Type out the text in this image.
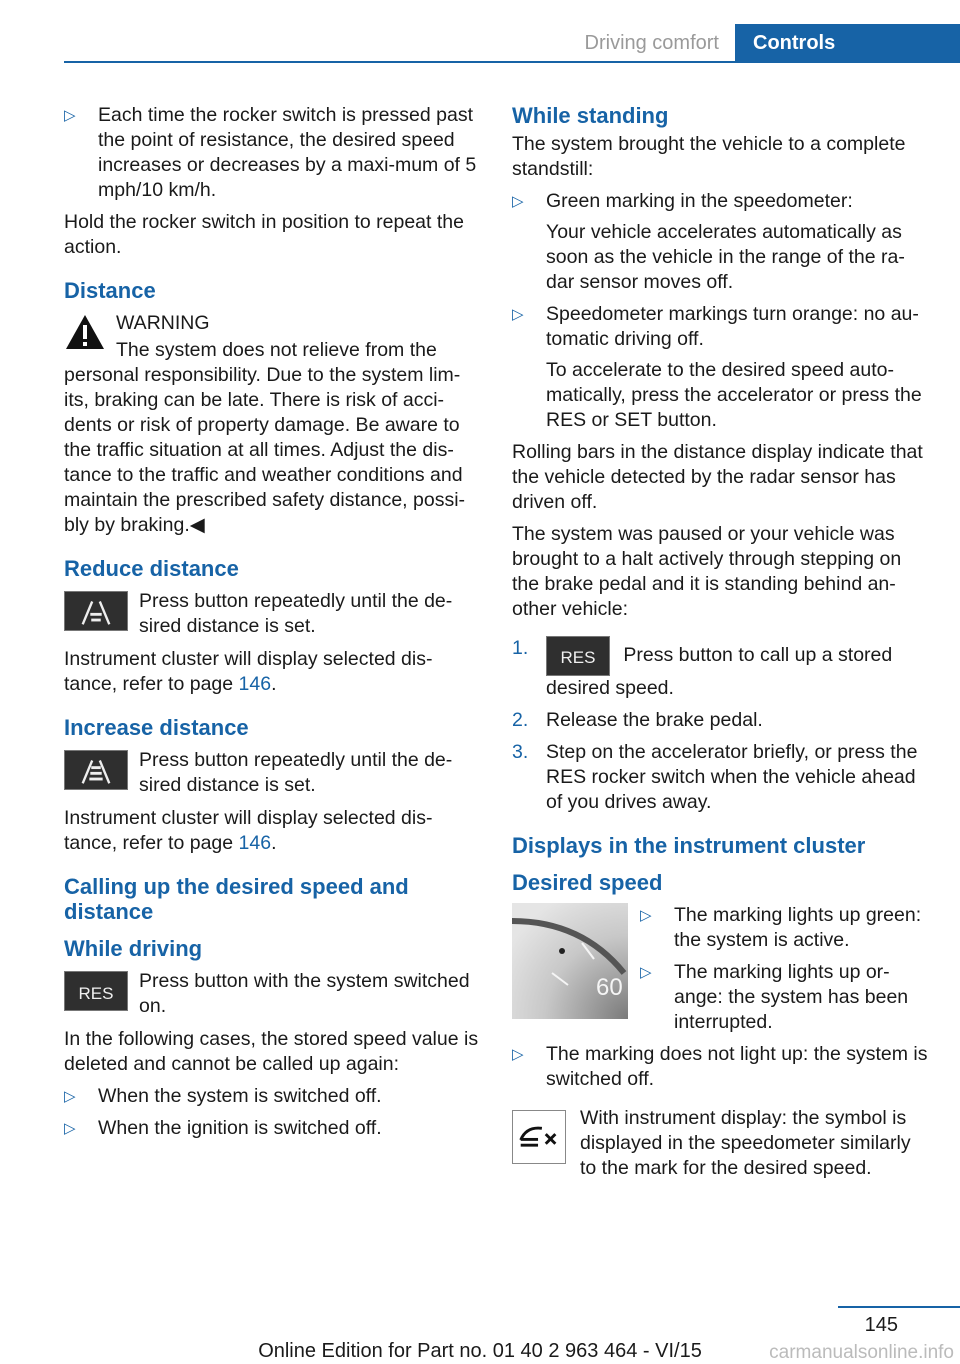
Driving comfort	Controls
▷ Each time the rocker switch is pressed past the point of resistance, the desired speed increases or decreases by a maxi‐mum of 5 mph/10 km/h.

Hold the rocker switch in position to repeat the action.

Distance
WARNING

The system does not relieve from the personal responsibility. Due to the system lim‐its, braking can be late. There is risk of acci‐dents or risk of property damage. Be aware to the traffic situation at all times. Adjust the dis‐tance to the traffic and weather conditions and maintain the prescribed safety distance, possi‐bly by braking.◀

Reduce distance
Press button repeatedly until the de‐sired distance is set.

Instrument cluster will display selected dis‐tance, refer to page 146.

Increase distance
Press button repeatedly until the de‐sired distance is set.

Instrument cluster will display selected dis‐tance, refer to page 146.

Calling up the desired speed and distance
While driving
RES
Press button with the system switched on.

In the following cases, the stored speed value is deleted and cannot be called up again:

▷ When the system is switched off.
▷ When the ignition is switched off.
While standing

The system brought the vehicle to a complete standstill:

▷ Green marking in the speedometer:
Your vehicle accelerates automatically as soon as the vehicle in the range of the ra‐dar sensor moves off.
▷ Speedometer markings turn orange: no au‐tomatic driving off.
To accelerate to the desired speed auto‐matically, press the accelerator or press the RES or SET button.

Rolling bars in the distance display indicate that the vehicle detected by the radar sensor has driven off.

The system was paused or your vehicle was brought to a halt actively through stepping on the brake pedal and it is standing behind an‐other vehicle:

1.	RES	Press button to call up a stored desired speed.
2. Release the brake pedal.
3. Step on the accelerator briefly, or press the RES rocker switch when the vehicle ahead of you drives away.
Displays in the instrument cluster
Desired speed
60
▷ The marking lights up green: the system is active.
▷ The marking lights up or‐ange: the system has been interrupted.
▷ The marking does not light up: the system is switched off.
With instrument display: the symbol is displayed in the speedometer similarly to the mark for the desired speed.
145
Online Edition for Part no. 01 40 2 963 464 - VI/15	carmanualsonline.info
